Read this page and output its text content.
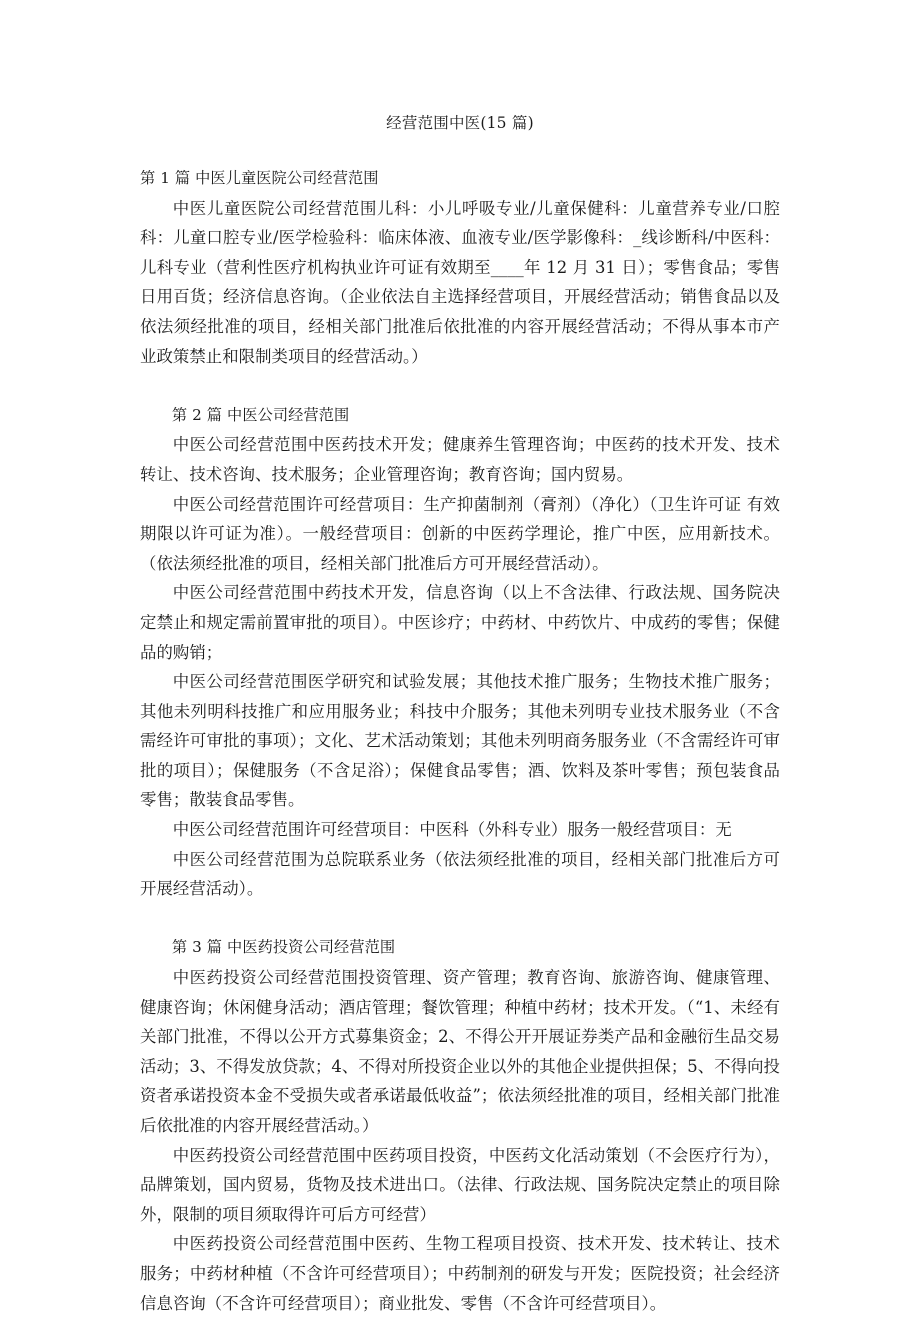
经营范围中医(15 篇)

第 1 篇 中医儿童医院公司经营范围

中医儿童医院公司经营范围儿科：小儿呼吸专业/儿童保健科：儿童营养专业/口腔科：儿童口腔专业/医学检验科：临床体液、血液专业/医学影像科：_线诊断科/中医科：儿科专业（营利性医疗机构执业许可证有效期至____年 12 月 31 日）；零售食品；零售日用百货；经济信息咨询。（企业依法自主选择经营项目，开展经营活动；销售食品以及依法须经批准的项目，经相关部门批准后依批准的内容开展经营活动；不得从事本市产业政策禁止和限制类项目的经营活动。）

第 2 篇 中医公司经营范围

中医公司经营范围中医药技术开发；健康养生管理咨询；中医药的技术开发、技术转让、技术咨询、技术服务；企业管理咨询；教育咨询；国内贸易。

中医公司经营范围许可经营项目：生产抑菌制剂（膏剂）（净化）（卫生许可证 有效期限以许可证为准）。一般经营项目：创新的中医药学理论，推广中医，应用新技术。（依法须经批准的项目，经相关部门批准后方可开展经营活动）。

中医公司经营范围中药技术开发，信息咨询（以上不含法律、行政法规、国务院决定禁止和规定需前置审批的项目）。中医诊疗；中药材、中药饮片、中成药的零售；保健品的购销；

中医公司经营范围医学研究和试验发展；其他技术推广服务；生物技术推广服务；其他未列明科技推广和应用服务业；科技中介服务；其他未列明专业技术服务业（不含需经许可审批的事项）；文化、艺术活动策划；其他未列明商务服务业（不含需经许可审批的项目）；保健服务（不含足浴）；保健食品零售；酒、饮料及茶叶零售；预包装食品零售；散装食品零售。

中医公司经营范围许可经营项目：中医科（外科专业）服务一般经营项目：无

中医公司经营范围为总院联系业务（依法须经批准的项目，经相关部门批准后方可开展经营活动）。

第 3 篇 中医药投资公司经营范围

中医药投资公司经营范围投资管理、资产管理；教育咨询、旅游咨询、健康管理、健康咨询；休闲健身活动；酒店管理；餐饮管理；种植中药材；技术开发。（“1、未经有关部门批准，不得以公开方式募集资金；2、不得公开开展证券类产品和金融衍生品交易活动；3、不得发放贷款；4、不得对所投资企业以外的其他企业提供担保；5、不得向投资者承诺投资本金不受损失或者承诺最低收益”；依法须经批准的项目，经相关部门批准后依批准的内容开展经营活动。）

中医药投资公司经营范围中医药项目投资，中医药文化活动策划（不会医疗行为），品牌策划，国内贸易，货物及技术进出口。（法律、行政法规、国务院决定禁止的项目除外，限制的项目须取得许可后方可经营）

中医药投资公司经营范围中医药、生物工程项目投资、技术开发、技术转让、技术服务；中药材种植（不含许可经营项目）；中药制剂的研发与开发；医院投资；社会经济信息咨询（不含许可经营项目）；商业批发、零售（不含许可经营项目）。
